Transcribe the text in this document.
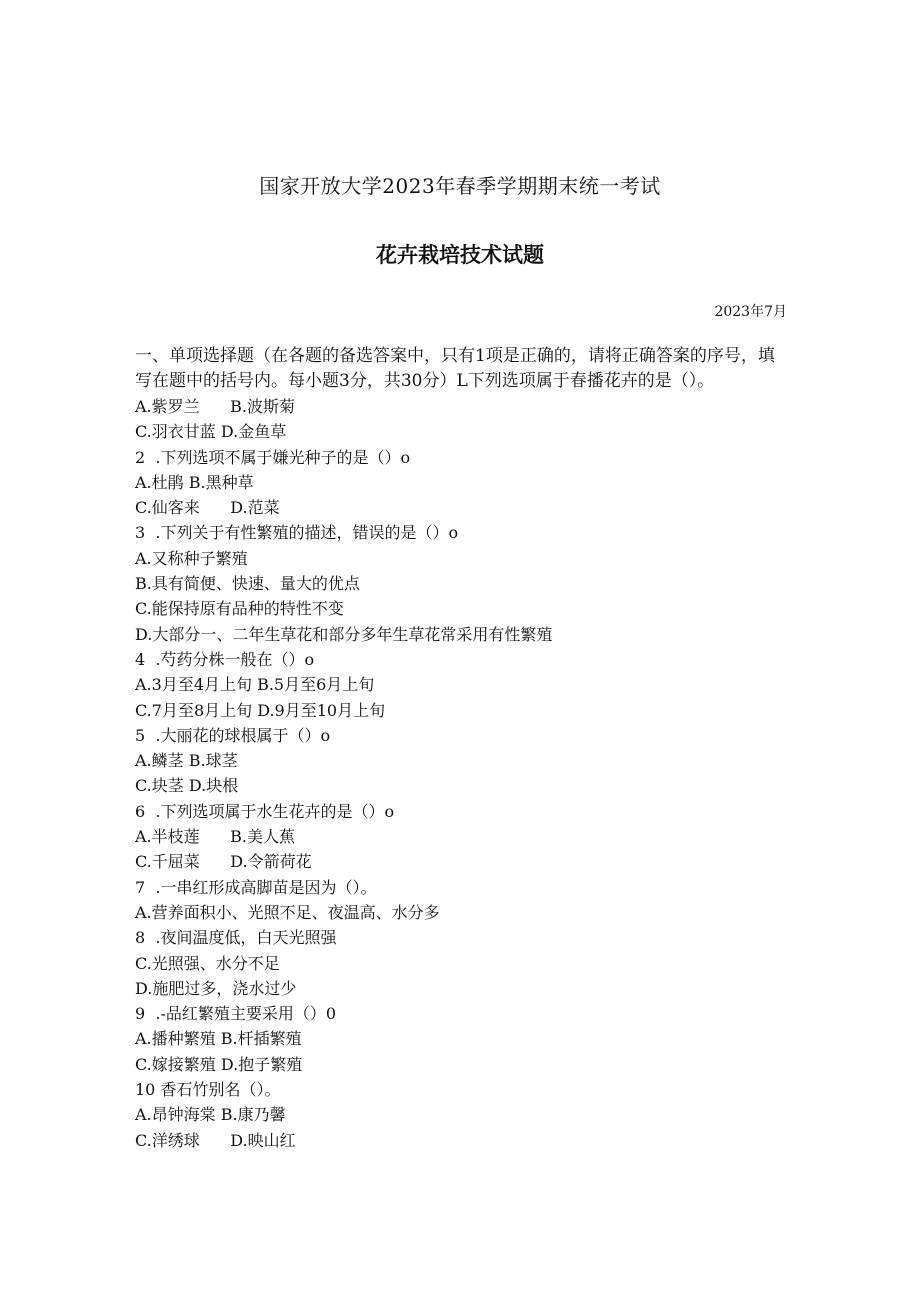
国家开放大学2023年春季学期期末统一考试
花卉栽培技术试题
2023年7月

一、单项选择题（在各题的备选答案中，只有1项是正确的，请将正确答案的序号，填写在题中的括号内。每小题3分，共30分）L下列选项属于春播花卉的是（）。

A.紫罗兰      B.波斯菊
C.羽衣甘蓝 D.金鱼草
2  .下列选项不属于嫌光种子的是（）o
A.杜鹃 B.黑种草
C.仙客来      D.范菜
3  .下列关于有性繁殖的描述，错误的是（）o
A.又称种子繁殖
B.具有简便、快速、量大的优点
C.能保持原有品种的特性不变
D.大部分一、二年生草花和部分多年生草花常采用有性繁殖
4  .芍药分株一般在（）o
A.3月至4月上旬 B.5月至6月上旬
C.7月至8月上旬 D.9月至10月上旬
5  .大丽花的球根属于（）o
A.鳞茎 B.球茎
C.块茎 D.块根
6  .下列选项属于水生花卉的是（）o
A.半枝莲      B.美人蕉
C.千屈菜      D.令箭荷花
7  .一串红形成高脚苗是因为（）。
A.营养面积小、光照不足、夜温高、水分多
8  .夜间温度低，白天光照强
C.光照强、水分不足
D.施肥过多，浇水过少
9  .-品红繁殖主要采用（）0
A.播种繁殖 B.杆插繁殖
C.嫁接繁殖 D.抱子繁殖
10 香石竹别名（）。
A.昂钟海棠 B.康乃馨
C.洋绣球      D.映山红
